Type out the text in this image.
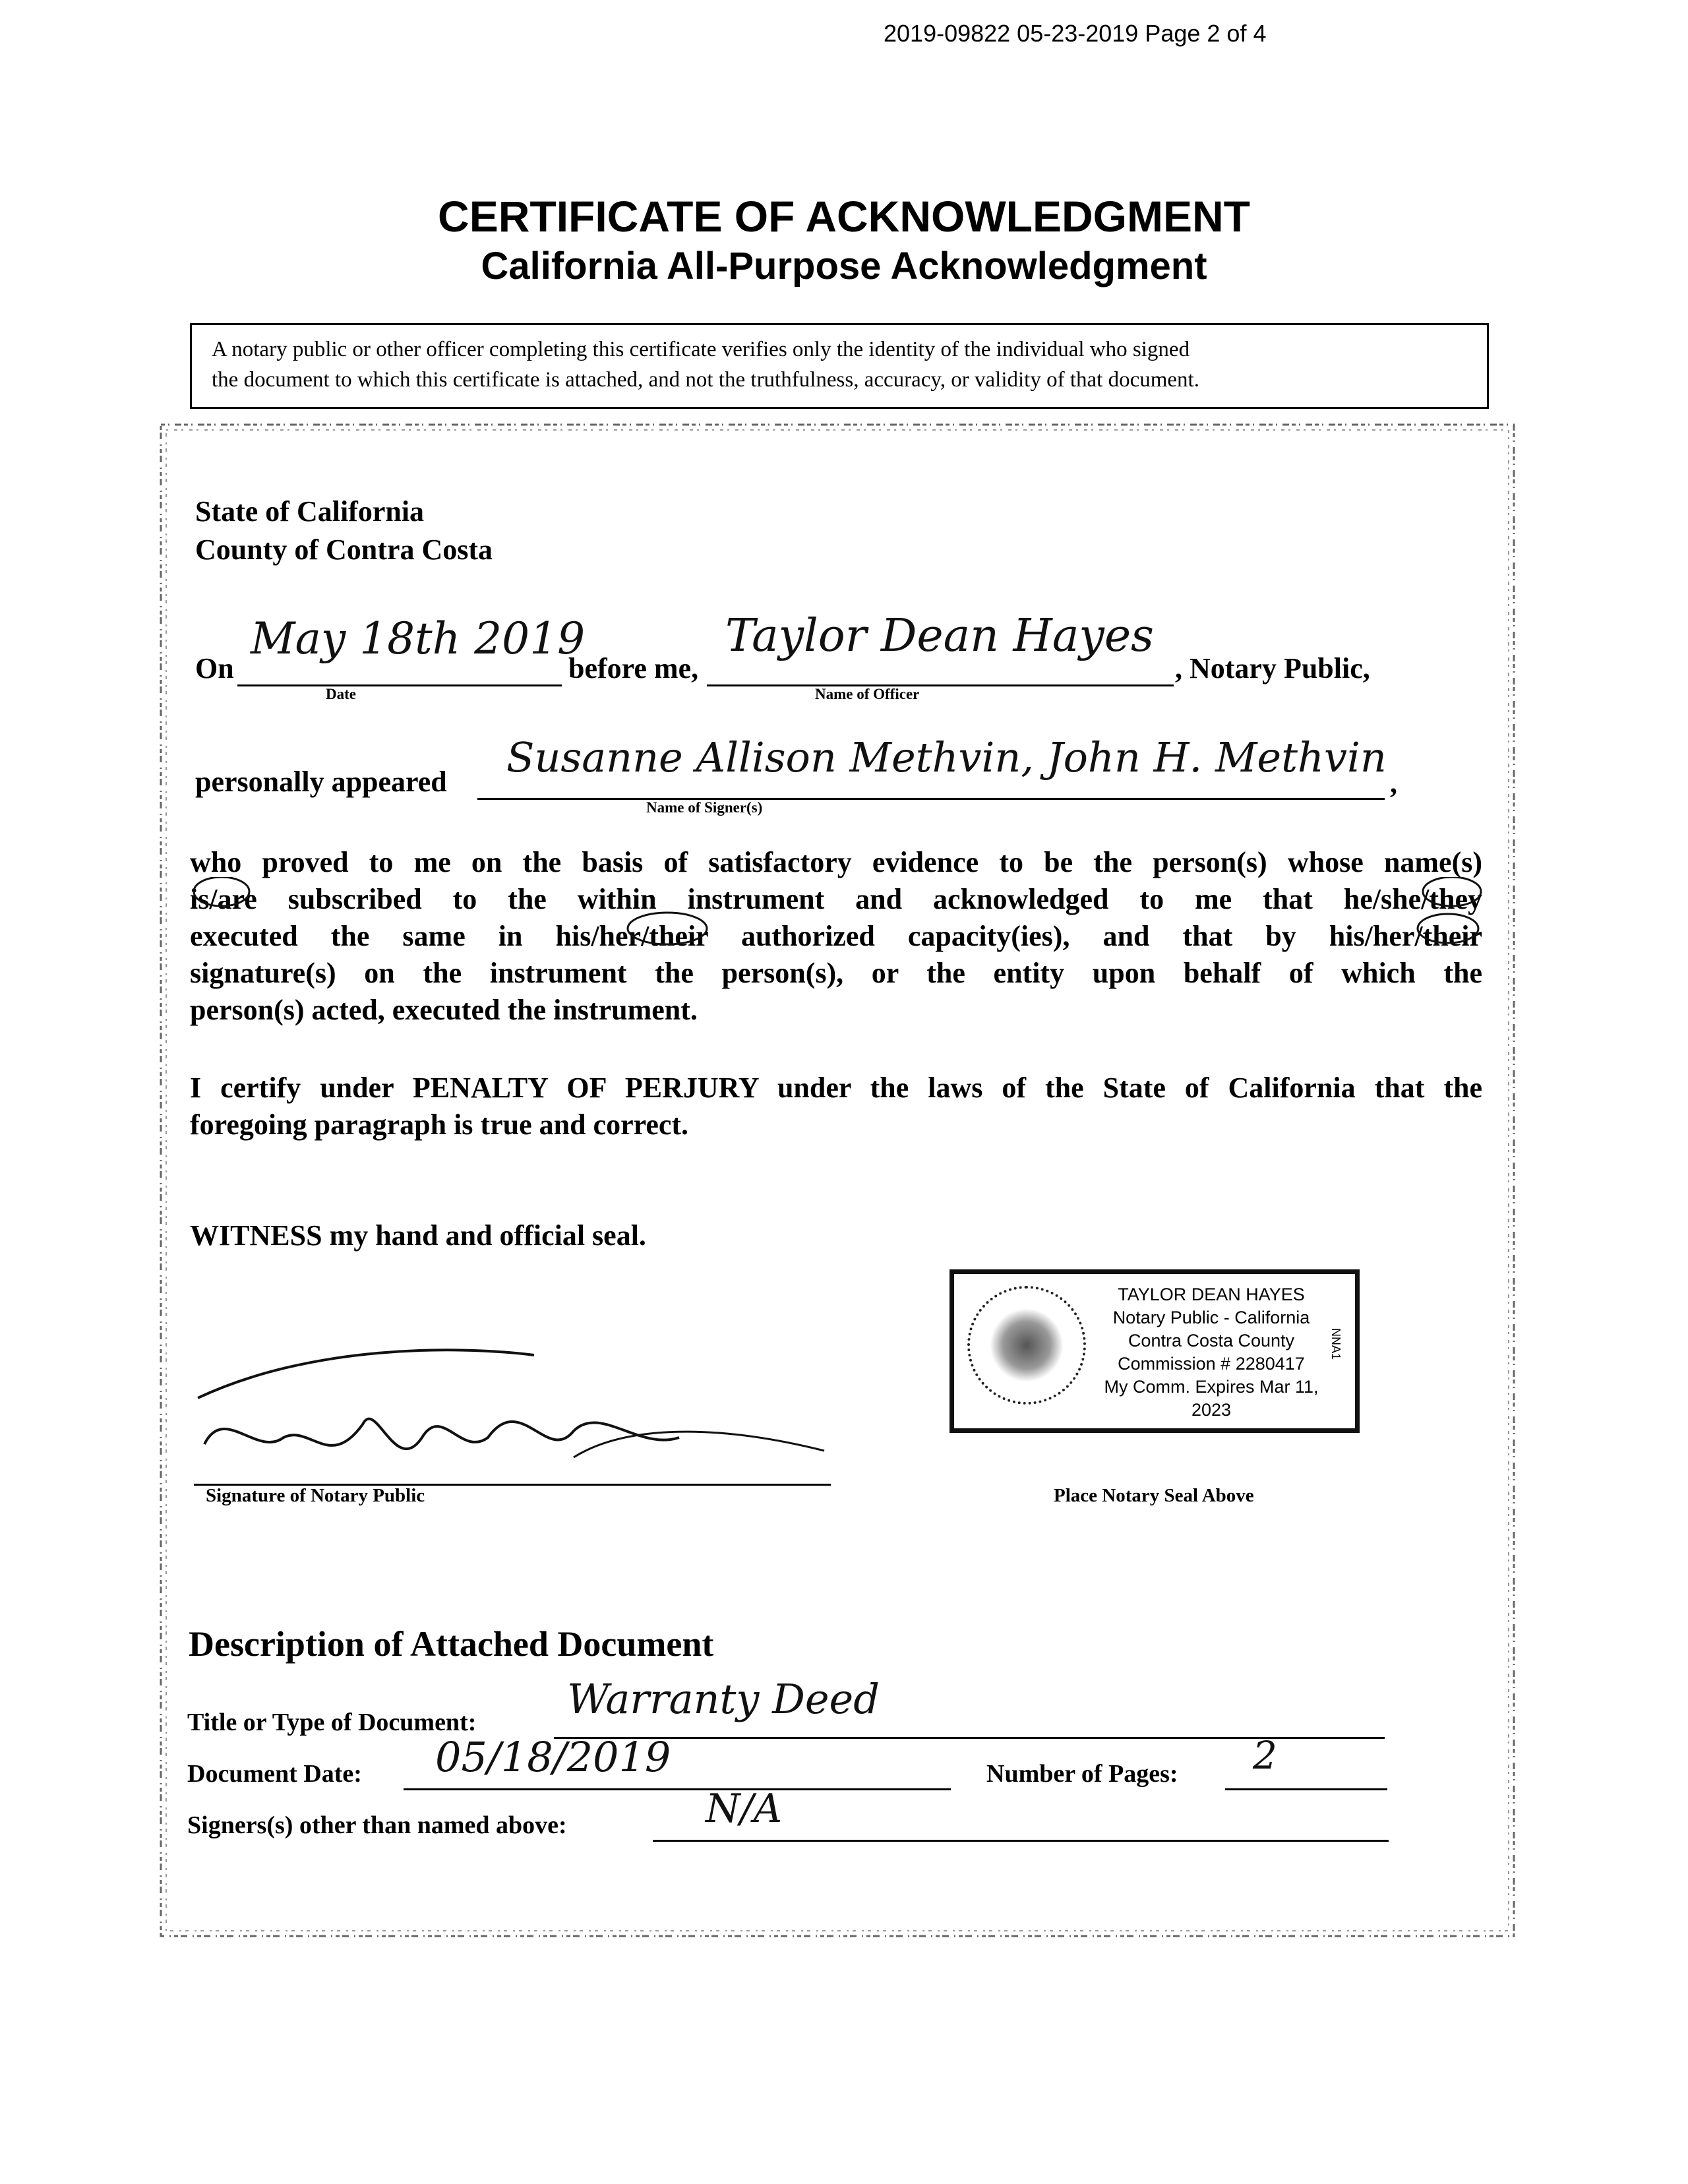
2019-09822 05-23-2019 Page 2 of 4
CERTIFICATE OF ACKNOWLEDGMENT
California All-Purpose Acknowledgment
A notary public or other officer completing this certificate verifies only the identity of the individual who signed
the document to which this certificate is attached, and not the truthfulness, accuracy, or validity of that document.
State of California
County of Contra Costa
On
May 18th 2019
Date
before me,
Taylor Dean Hayes
Name of Officer
, Notary Public,
personally appeared
Susanne Allison Methvin, John H. Methvin
Name of Signer(s)
,
who proved to me on the basis of satisfactory evidence to be the person(s) whose name(s)
is/are subscribed to the within instrument and acknowledged to me that he/she/they
executed the same in his/her/their authorized capacity(ies), and that by his/her/their
signature(s) on the instrument the person(s), or the entity upon behalf of which the
person(s) acted, executed the instrument.
I certify under PENALTY OF PERJURY under the laws of the State of California that the
foregoing paragraph is true and correct.
WITNESS my hand and official seal.
TAYLOR DEAN HAYES
Notary Public - California
Contra Costa County
Commission # 2280417
My Comm. Expires Mar 11, 2023
NNA1
Signature of Notary Public	Place Notary Seal Above
Description of Attached Document
Title or Type of Document: Warranty Deed
Document Date: 05/18/2019	Number of Pages: 2
Signers(s) other than named above:	N/A
